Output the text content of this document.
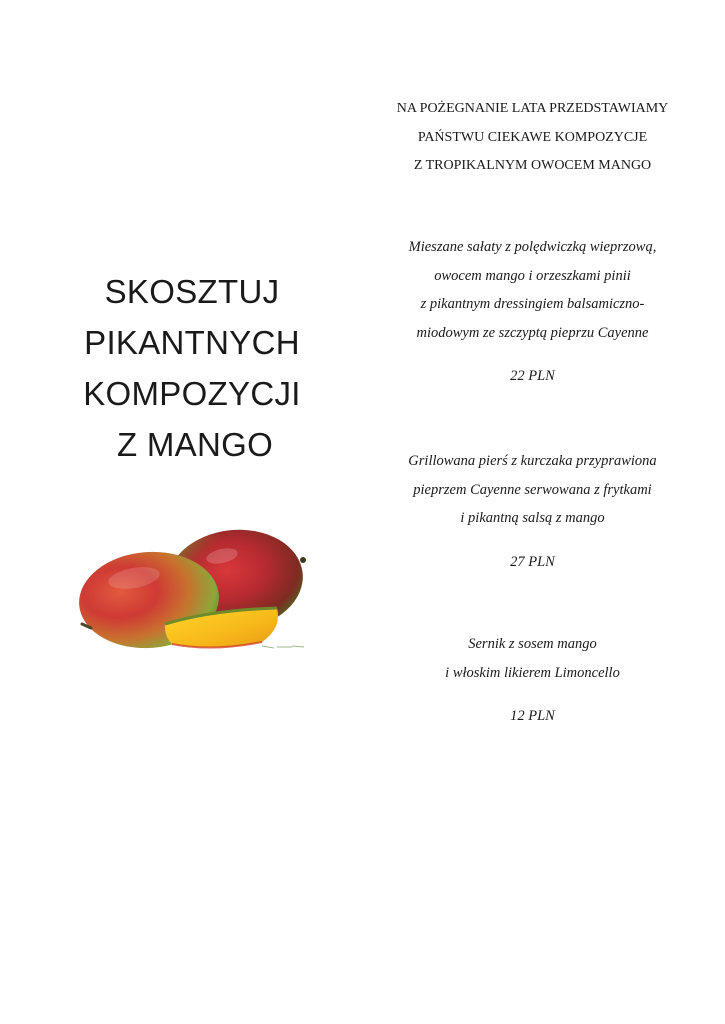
SKOSZTUJ
PIKANTNYCH
KOMPOZYCJI
Z MANGO
NA POŻEGNANIE LATA PRZEDSTAWIAMY
PAŃSTWU CIEKAWE KOMPOZYCJE
Z TROPIKALNYM OWOCEM MANGO
Mieszane sałaty z polędwiczką wieprzową,
owocem mango i orzeszkami pinii
z pikantnym dressingiem balsamiczno-
miodowym ze szczyptą pieprzu Cayenne
22 PLN
Grillowana pierś z kurczaka przyprawiona
pieprzem Cayenne serwowana z frytkami
i pikantną salsą z mango
27 PLN
Sernik z sosem mango
i włoskim likierem Limoncello
12 PLN
